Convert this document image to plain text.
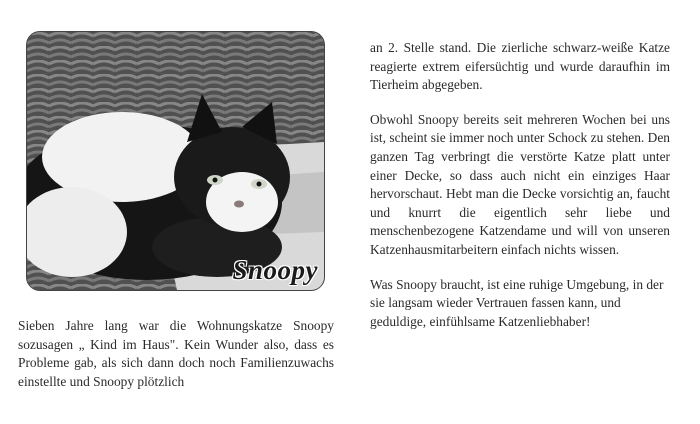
Snoopy

Sieben Jahre lang war die Wohnungskatze Snoopy sozusagen „ Kind im Haus". Kein Wunder also, dass es Probleme gab, als sich dann doch noch Familienzuwachs einstellte und Snoopy plötzlich

an 2. Stelle stand. Die zierliche schwarz-weiße Katze reagierte extrem eifersüchtig und wurde daraufhin im Tierheim abgegeben.

Obwohl Snoopy bereits seit mehreren Wochen bei uns ist, scheint sie immer noch unter Schock zu stehen. Den ganzen Tag verbringt die verstörte Katze platt unter einer Decke, so dass auch nicht ein einziges Haar hervorschaut. Hebt man die Decke vorsichtig an, faucht und knurrt die eigentlich sehr liebe und menschenbezogene Katzendame und will von unseren Katzenhausmitarbeitern einfach nichts wissen.

Was Snoopy braucht, ist eine ruhige Umgebung, in der sie langsam wieder Vertrauen fassen kann, und geduldige, einfühlsame Katzenliebhaber!
